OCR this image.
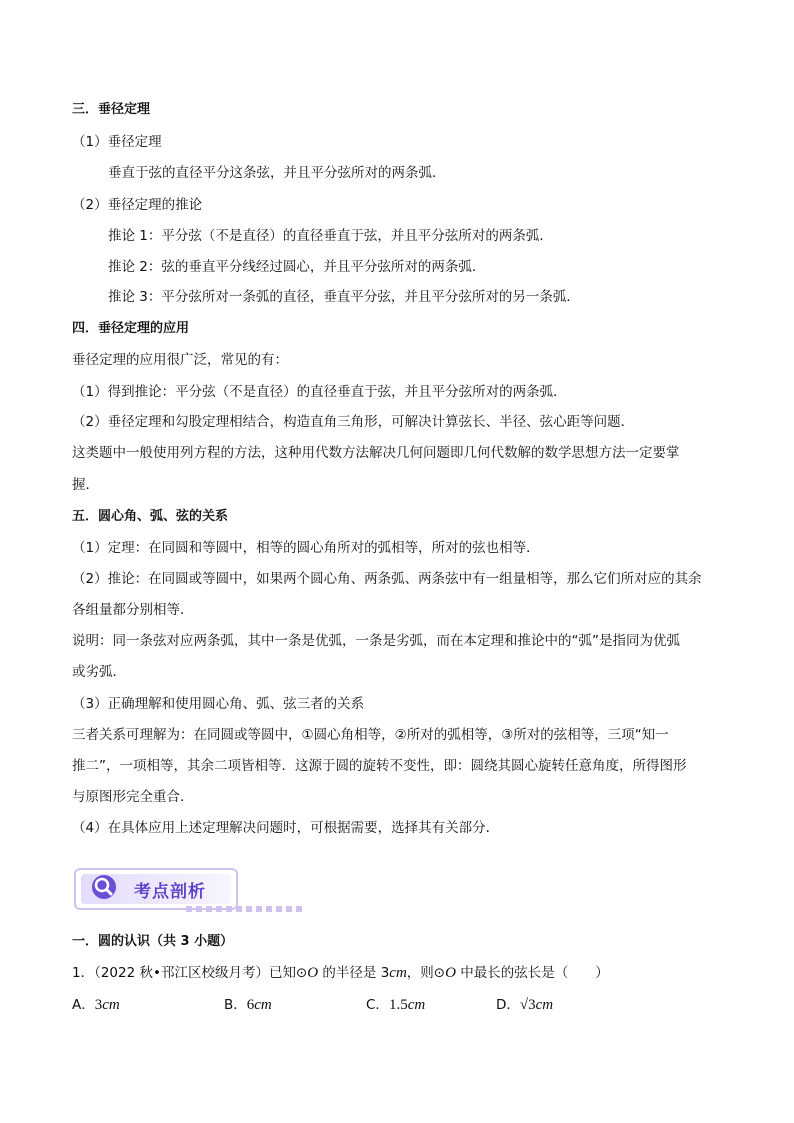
三．垂径定理
（1）垂径定理
垂直于弦的直径平分这条弦，并且平分弦所对的两条弧．
（2）垂径定理的推论
推论 1：平分弦（不是直径）的直径垂直于弦，并且平分弦所对的两条弧．
推论 2：弦的垂直平分线经过圆心，并且平分弦所对的两条弧．
推论 3：平分弦所对一条弧的直径，垂直平分弦，并且平分弦所对的另一条弧．
四．垂径定理的应用
垂径定理的应用很广泛，常见的有：
（1）得到推论：平分弦（不是直径）的直径垂直于弦，并且平分弦所对的两条弧．
（2）垂径定理和勾股定理相结合，构造直角三角形，可解决计算弦长、半径、弦心距等问题．
这类题中一般使用列方程的方法，这种用代数方法解决几何问题即几何代数解的数学思想方法一定要掌
握．
五．圆心角、弧、弦的关系
（1）定理：在同圆和等圆中，相等的圆心角所对的弧相等，所对的弦也相等．
（2）推论：在同圆或等圆中，如果两个圆心角、两条弧、两条弦中有一组量相等，那么它们所对应的其余
各组量都分别相等．
说明：同一条弦对应两条弧，其中一条是优弧，一条是劣弧，而在本定理和推论中的“弧”是指同为优弧
或劣弧．
（3）正确理解和使用圆心角、弧、弦三者的关系
三者关系可理解为：在同圆或等圆中，①圆心角相等，②所对的弧相等，③所对的弦相等，三项“知一
推二”，一项相等，其余二项皆相等．这源于圆的旋转不变性，即：圆绕其圆心旋转任意角度，所得图形
与原图形完全重合．
（4）在具体应用上述定理解决问题时，可根据需要，选择其有关部分．
考点剖析
一．圆的认识（共 3 小题）
1．（2022 秋•邗江区校级月考）已知⊙O 的半径是 3cm，则⊙O 中最长的弦长是（　　）
A．3cm	B．6cm	C．1.5cm	D．√3cm
